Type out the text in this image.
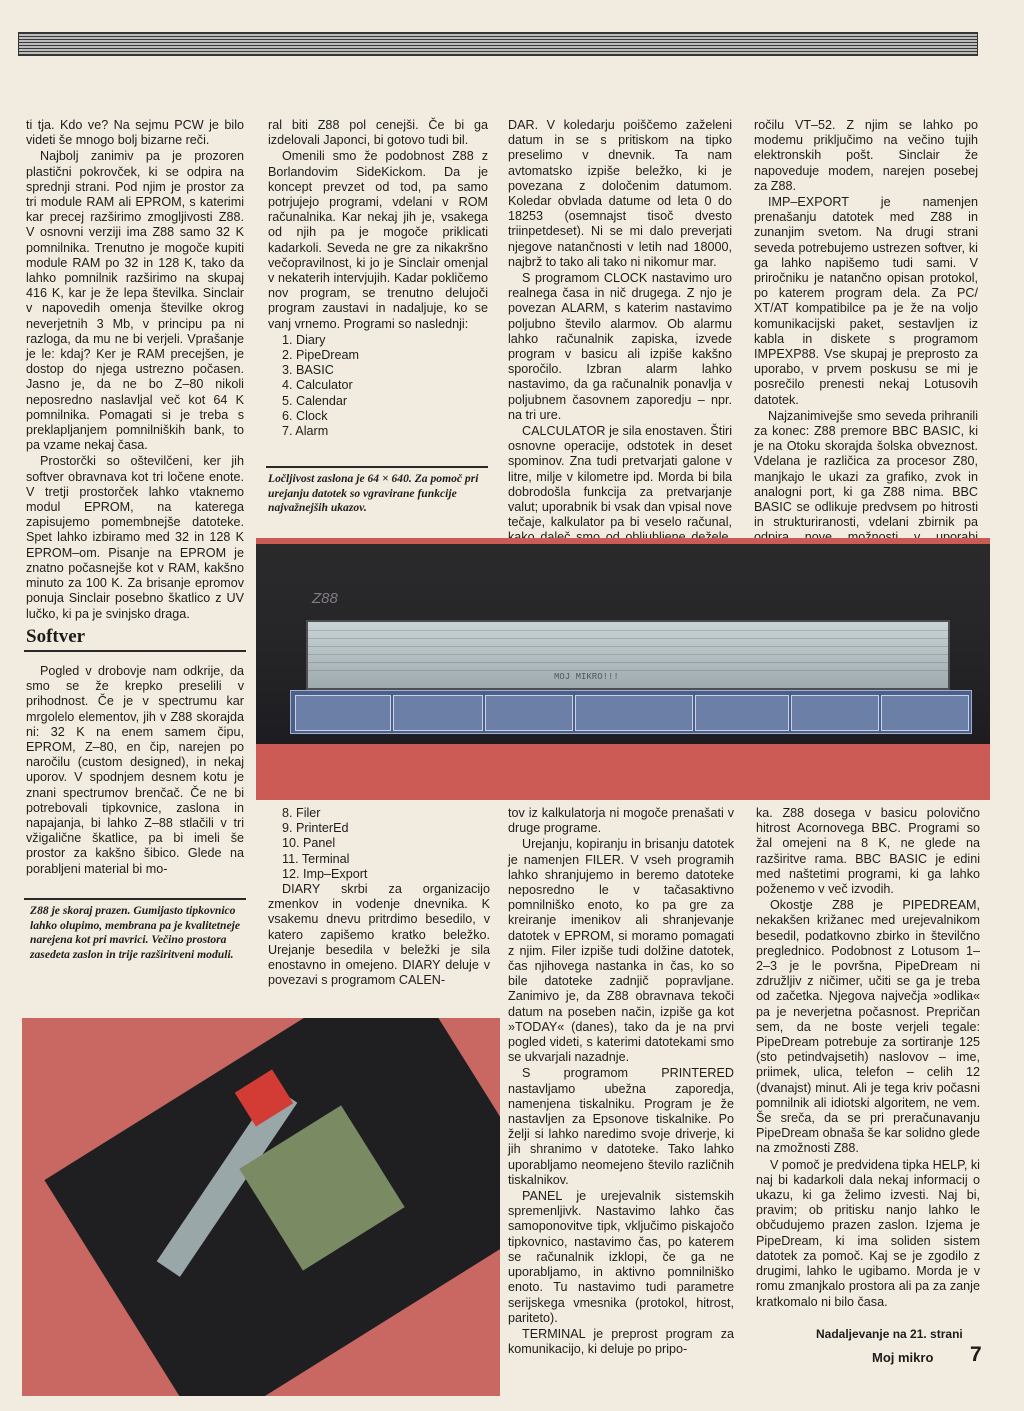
ti tja. Kdo ve? Na sejmu PCW je bilo videti še mnogo bolj bizarne reči.

Najbolj zanimiv pa je prozoren plastični pokrovček, ki se odpira na sprednji strani. Pod njim je prostor za tri module RAM ali EPROM, s katerimi kar precej razširimo zmogljivosti Z88. V osnovni verziji ima Z88 samo 32 K pomnilnika. Trenutno je mogoče kupiti module RAM po 32 in 128 K, tako da lahko pomnilnik razširimo na skupaj 416 K, kar je že lepa številka. Sinclair v napovedih omenja številke okrog neverjetnih 3 Mb, v principu pa ni razloga, da mu ne bi verjeli. Vprašanje je le: kdaj? Ker je RAM precejšen, je dostop do njega ustrezno počasen. Jasno je, da ne bo Z–80 nikoli neposredno naslavljal več kot 64 K pomnilnika. Pomagati si je treba s preklapljanjem pomnilniških bank, to pa vzame nekaj časa.

Prostorčki so oštevilčeni, ker jih softver obravnava kot tri ločene enote. V tretji prostorček lahko vtaknemo modul EPROM, na katerega zapisujemo pomembnejše datoteke. Spet lahko izbiramo med 32 in 128 K EPROM–om. Pisanje na EPROM je znatno počasnejše kot v RAM, kakšno minuto za 100 K. Za brisanje epromov ponuja Sinclair posebno škatlico z UV lučko, ki pa je svinjsko draga.

Softver

Pogled v drobovje nam odkrije, da smo se že krepko preselili v prihodnost. Če je v spectrumu kar mrgolelo elementov, jih v Z88 skorajda ni: 32 K na enem samem čipu, EPROM, Z–80, en čip, narejen po naročilu (custom designed), in nekaj uporov. V spodnjem desnem kotu je znani spectrumov brenčač. Če ne bi potrebovali tipkovnice, zaslona in napajanja, bi lahko Z–88 stlačili v tri vžigalične škatlice, pa bi imeli še prostor za kakšno šibico. Glede na porabljeni material bi mo-

Z88 je skoraj prazen. Gumijasto tipkovnico lahko olupimo, membrana pa je kvalitetneje narejena kot pri mavrici. Večino prostora zasedeta zaslon in trije razširitveni moduli.

ral biti Z88 pol cenejši. Če bi ga izdelovali Japonci, bi gotovo tudi bil.

Omenili smo že podobnost Z88 z Borlandovim SideKickom. Da je koncept prevzet od tod, pa samo potrjujejo programi, vdelani v ROM računalnika. Kar nekaj jih je, vsakega od njih pa je mogoče priklicati kadarkoli. Seveda ne gre za nikakršno večopravilnost, ki jo je Sinclair omenjal v nekaterih intervjujih. Kadar pokličemo nov program, se trenutno delujoči program zaustavi in nadaljuje, ko se vanj vrnemo. Programi so naslednji:

1. Diary
2. PipeDream
3. BASIC
4. Calculator
5. Calendar
6. Clock
7. Alarm
Ločljivost zaslona je 64 × 640. Za pomoč pri urejanju datotek so vgravirane funkcije najvažnejših ukazov.

DAR. V koledarju poiščemo zaželeni datum in se s pritiskom na tipko preselimo v dnevnik. Ta nam avtomatsko izpiše beležko, ki je povezana z določenim datumom. Koledar obvlada datume od leta 0 do 18253 (osemnajst tisoč dvesto triinpetdeset). Ni se mi dalo preverjati njegove natančnosti v letih nad 18000, najbrž to tako ali tako ni nikomur mar.

S programom CLOCK nastavimo uro realnega časa in nič drugega. Z njo je povezan ALARM, s katerim nastavimo poljubno število alarmov. Ob alarmu lahko računalnik zapiska, izvede program v basicu ali izpiše kakšno sporočilo. Izbran alarm lahko nastavimo, da ga računalnik ponavlja v poljubnem časovnem zaporedju – npr. na tri ure.

CALCULATOR je sila enostaven. Štiri osnovne operacije, odstotek in deset spominov. Zna tudi pretvarjati galone v litre, milje v kilometre ipd. Morda bi bila dobrodošla funkcija za pretvarjanje valut; uporabnik bi vsak dan vpisal nove tečaje, kalkulator pa bi veselo računal,

ročilu VT–52. Z njim se lahko po modemu priključimo na večino tujih elektronskih pošt. Sinclair že napoveduje modem, narejen posebej za Z88.

IMP–EXPORT je namenjen prenašanju datotek med Z88 in zunanjim svetom. Na drugi strani seveda potrebujemo ustrezen softver, ki ga lahko napišemo tudi sami. V priročniku je natančno opisan protokol, po katerem program dela. Za PC/ XT/AT kompatibilce pa je že na voljo komunikacijski paket, sestavljen iz kabla in diskete s programom IMPEXP88. Vse skupaj je preprosto za uporabo, v prvem poskusu se mi je posrečilo prenesti nekaj Lotusovih datotek.

Najzanimivejše smo seveda prihranili za konec: Z88 premore BBC BASIC, ki je na Otoku skorajda šolska obveznost. Vdelana je različica za procesor Z80, manjkajo le ukazi za grafiko, zvok in analogni port, ki ga Z88 nima. BBC BASIC se odlikuje predvsem po hitrosti in strukturiranosti, vdelani zbirnik pa

Z88
MOJ MIKRO!!!
8. Filer
9. PrinterEd
10. Panel
11. Terminal
12. Imp–Export

DIARY skrbi za organizacijo zmenkov in vodenje dnevnika. K vsakemu dnevu pritrdimo besedilo, v katero zapišemo kratko beležko. Urejanje besedila v beležki je sila enostavno in omejeno. DIARY deluje v povezavi s programom CALEN-

tov iz kalkulatorja ni mogoče prenašati v druge programe.

Urejanju, kopiranju in brisanju datotek je namenjen FILER. V vseh programih lahko shranjujemo in beremo datoteke neposredno le v tačasaktivno pomnilniško enoto, ko pa gre za kreiranje imenikov ali shranjevanje datotek v EPROM, si moramo pomagati z njim. Filer izpiše tudi dolžine datotek, čas njihovega nastanka in čas, ko so bile datoteke zadnjič popravljane. Zanimivo je, da Z88 obravnava tekoči datum na poseben način, izpiše ga kot »TODAY« (danes), tako da je na prvi pogled videti, s katerimi datotekami smo se ukvarjali nazadnje.

S programom PRINTERED nastavljamo ubežna zaporedja, namenjena tiskalniku. Program je že nastavljen za Epsonove tiskalnike. Po želji si lahko naredimo svoje driverje, ki jih shranimo v datoteke. Tako lahko uporabljamo neomejeno število različnih tiskalnikov.

PANEL je urejevalnik sistemskih spremenljivk. Nastavimo lahko čas samoponovitve tipk, vključimo piskajočo tipkovnico, nastavimo čas, po katerem se računalnik izklopi, če ga ne uporabljamo, in aktivno pomnilniško enoto. Tu nastavimo tudi parametre serijskega vmesnika (protokol, hitrost, pariteto).

TERMINAL je preprost program za komunikacijo, ki deluje po pripo-

ka. Z88 dosega v basicu polovično hitrost Acornovega BBC. Programi so žal omejeni na 8 K, ne glede na razširitve rama. BBC BASIC je edini med naštetimi programi, ki ga lahko poženemo v več izvodih.

Okostje Z88 je PIPEDREAM, nekakšen križanec med urejevalnikom besedil, podatkovno zbirko in številčno preglednico. Podobnost z Lotusom 1–2–3 je le površna, PipeDream ni združljiv z ničimer, učiti se ga je treba od začetka. Njegova največja »odlika« pa je neverjetna počasnost. Prepričan sem, da ne boste verjeli tegale: PipeDream potrebuje za sortiranje 125 (sto petindvajsetih) naslovov – ime, priimek, ulica, telefon – celih 12 (dvanajst) minut. Ali je tega kriv počasni pomnilnik ali idiotski algoritem, ne vem. Še sreča, da se pri preračunavanju PipeDream obnaša še kar solidno glede na zmožnosti Z88.

V pomoč je predvidena tipka HELP, ki naj bi kadarkoli dala nekaj informacij o ukazu, ki ga želimo izvesti. Naj bi, pravim; ob pritisku nanjo lahko le občudujemo prazen zaslon. Izjema je PipeDream, ki ima soliden sistem datotek za pomoč. Kaj se je zgodilo z drugimi, lahko le ugibamo. Morda je v romu zmanjkalo prostora ali pa za zanje kratkomalo ni bilo časa.

Nadaljevanje na 21. strani
Moj mikro 7
